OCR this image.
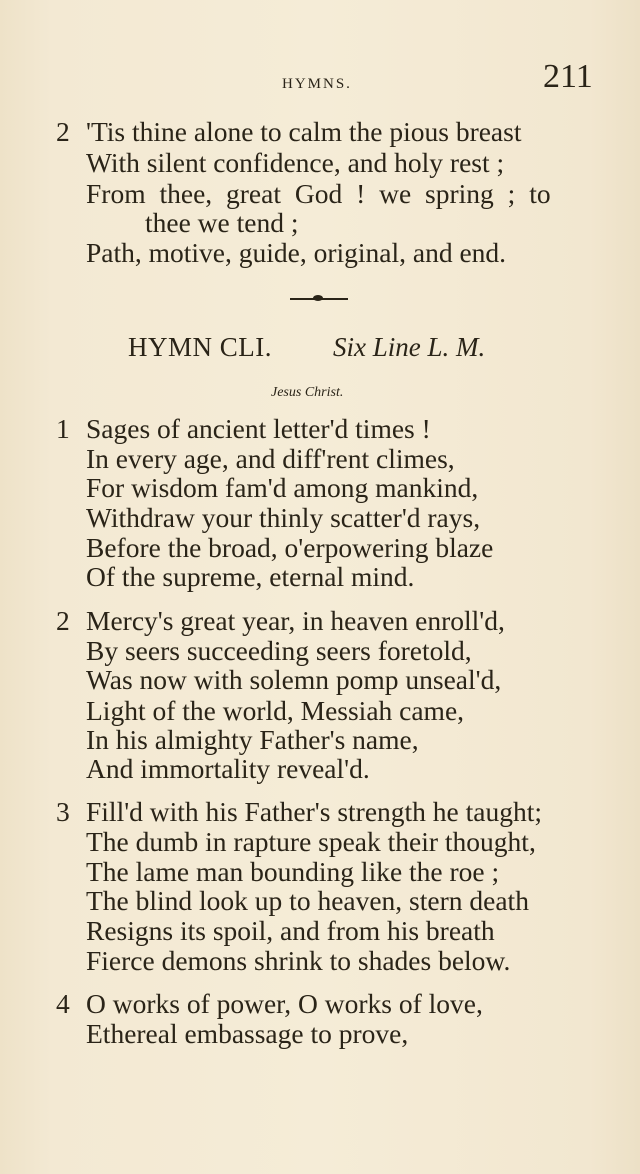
HYMNS.	211
2 'Tis thine alone to calm the pious breast
With silent confidence, and holy rest ;
From thee, great God ! we spring ; to
thee we tend ;
Path, motive, guide, original, and end.
HYMN CLI. Six Line L. M.
Jesus Christ.
1 Sages of ancient letter'd times !
In every age, and diff'rent climes,
For wisdom fam'd among mankind,
Withdraw your thinly scatter'd rays,
Before the broad, o'erpowering blaze
Of the supreme, eternal mind.
2 Mercy's great year, in heaven enroll'd,
By seers succeeding seers foretold,
Was now with solemn pomp unseal'd,
Light of the world, Messiah came,
In his almighty Father's name,
And immortality reveal'd.
3 Fill'd with his Father's strength he taught;
The dumb in rapture speak their thought,
The lame man bounding like the roe ;
The blind look up to heaven, stern death
Resigns its spoil, and from his breath
Fierce demons shrink to shades below.
4 O works of power, O works of love,
Ethereal embassage to prove,
